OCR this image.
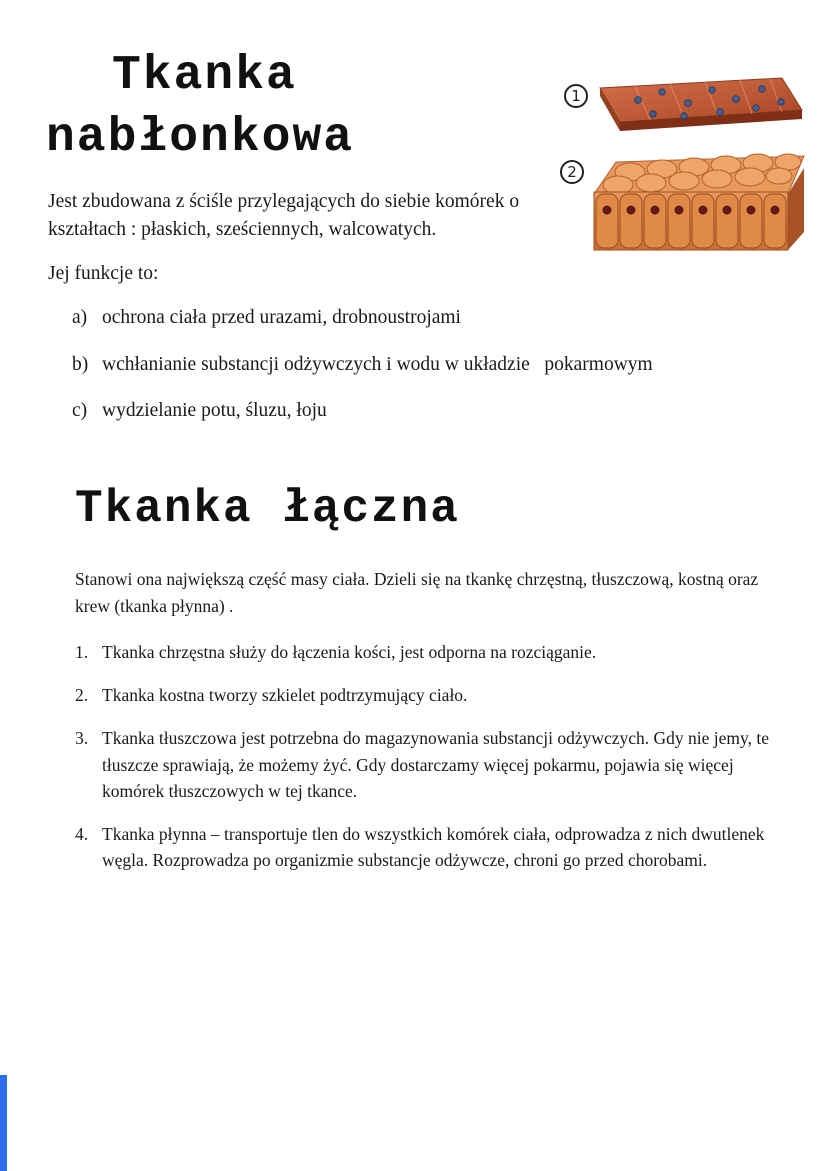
Tkanka
nabłonkowa
1
2

Jest zbudowana z ściśle przylegających do siebie komórek o kształtach : płaskich, sześciennych, walcowatych.

Jej funkcje to:

a) ochrona ciała przed urazami, drobnoustrojami
b) wchłanianie substancji odżywczych i wodu w układzie   pokarmowym
c) wydzielanie potu, śluzu, łoju
Tkanka łączna

Stanowi ona największą część masy ciała. Dzieli się na tkankę chrzęstną, tłuszczową, kostną oraz krew (tkanka płynna) .

1. Tkanka chrzęstna służy do łączenia kości, jest odporna na rozciąganie.
2. Tkanka kostna tworzy szkielet podtrzymujący ciało.
3. Tkanka tłuszczowa jest potrzebna do magazynowania substancji odżywczych. Gdy nie jemy, te tłuszcze sprawiają, że możemy żyć. Gdy dostarczamy więcej pokarmu, pojawia się więcej komórek tłuszczowych w tej tkance.
4. Tkanka płynna – transportuje tlen do wszystkich komórek ciała, odprowadza z nich dwutlenek węgla. Rozprowadza po organizmie substancje odżywcze, chroni go przed chorobami.
